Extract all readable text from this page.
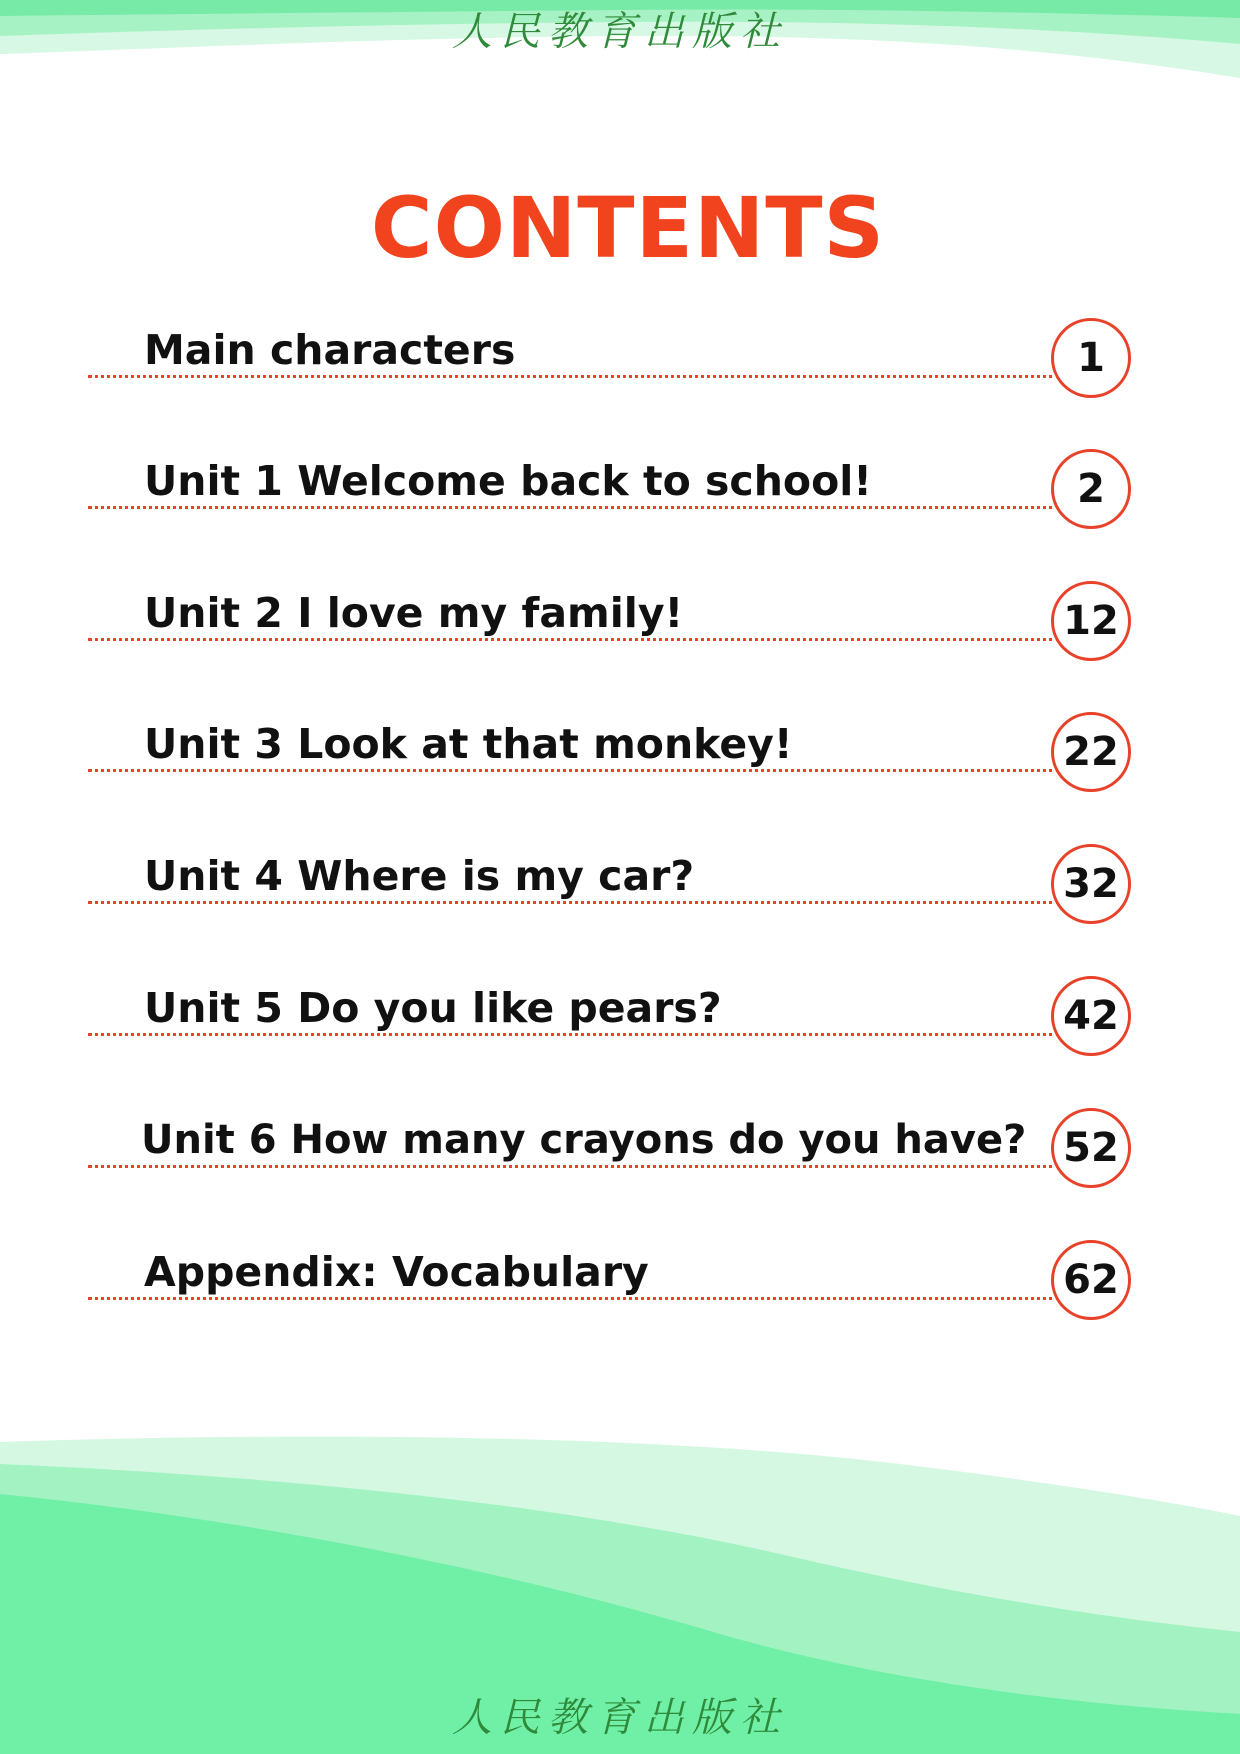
人民教育出版社
CONTENTS
Main characters	1
Unit 1 Welcome back to school!	2
Unit 2 I love my family!	12
Unit 3 Look at that monkey!	22
Unit 4 Where is my car?	32
Unit 5 Do you like pears?	42
Unit 6 How many crayons do you have? 52
Appendix: Vocabulary	62
人民教育出版社
